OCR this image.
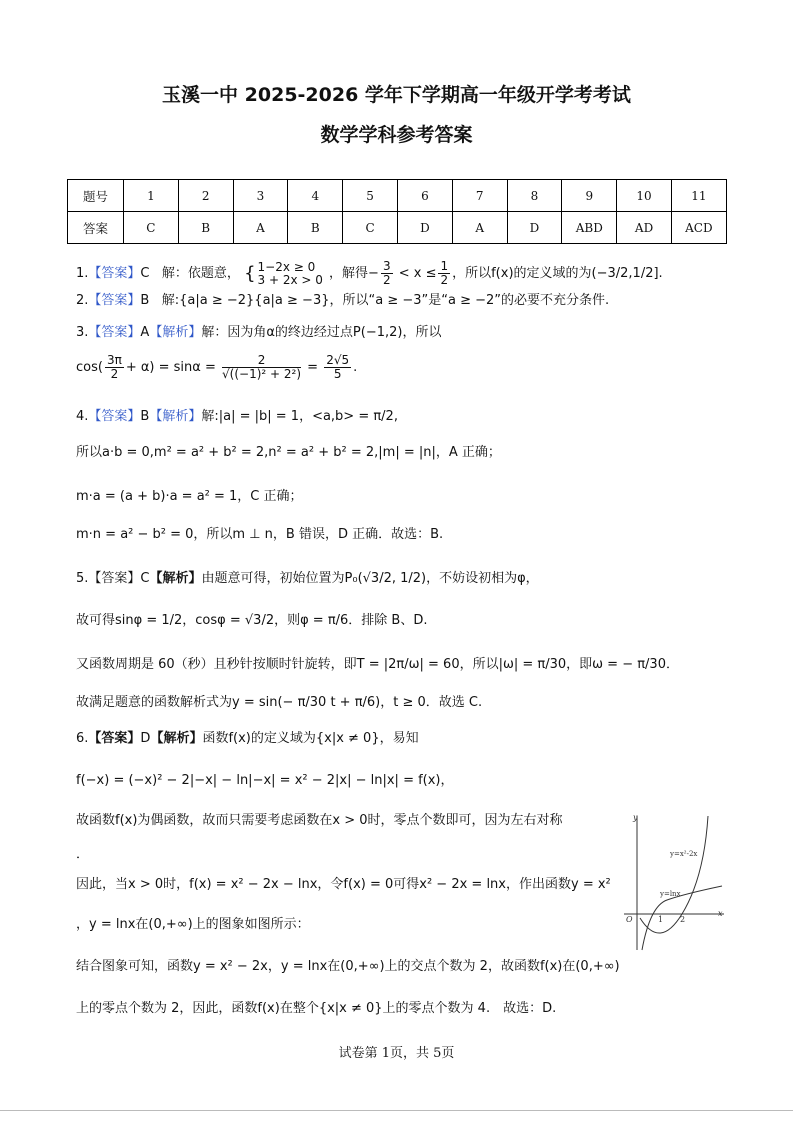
玉溪一中 2025-2026 学年下学期高一年级开学考考试
数学学科参考答案
题号	1	2	3	4	5	6	7	8	9	10	11
答案	C	B	A	B	C	D	A	D	ABD	AD	ACD
1.【答案】C 解：依题意， { 1−2x ≥ 0
3 + 2x > 0 ，解得− $\frac{3}{2} < x \le \frac{1}{2}$ ，所以f(x)的定义域的为(−3/2,1/2].
2.【答案】B 解:{a|a ≥ −2}{a|a ≥ −3}，所以“a ≥ −3”是“a ≥ −2”的必要不充分条件.
3.【答案】A【解析】解：因为角α的终边经过点P(−1,2)，所以
$\cos( \frac{3\pi}{2} + \alpha) = \sin\alpha = \frac{2}{\text{√((−1)² + 2²)}} = \frac{2√5}{5}$ .
4.【答案】B【解析】解:|a| = |b| = 1，<a,b> = π/2,
所以a·b = 0,m² = a² + b² = 2,n² = a² + b² = 2,|m| = |n|，A 正确；
m·a = (a + b)·a = a² = 1，C 正确；
m·n = a² − b² = 0，所以m ⊥ n，B 错误，D 正确．故选：B.
5.【答案】C【解析】由题意可得，初始位置为P₀(√3/2, 1/2)，不妨设初相为φ，
故可得sinφ = 1/2，cosφ = √3/2，则φ = π/6．排除 B、D.
又函数周期是 60（秒）且秒针按顺时针旋转，即T = |2π/ω| = 60，所以|ω| = π/30，即ω = − π/30．
故满足题意的函数解析式为y = sin(− π/30 t + π/6)，t ≥ 0．故选 C.
6.【答案】D【解析】函数f(x)的定义域为{x|x ≠ 0}，易知
f(−x) = (−x)² − 2|−x| − ln|−x| = x² − 2|x| − ln|x| = f(x)，
故函数f(x)为偶函数，故而只需要考虑函数在x > 0时，零点个数即可，因为左右对称
．
因此，当x > 0时，f(x) = x² − 2x − lnx，令f(x) = 0可得x² − 2x = lnx，作出函数y = x²
，y = lnx在(0,+∞)上的图象如图所示：
结合图象可知，函数y = x² − 2x，y = lnx在(0,+∞)上的交点个数为 2，故函数f(x)在(0,+∞)
上的零点个数为 2，因此，函数f(x)在整个{x|x ≠ 0}上的零点个数为 4.　故选：D.
y
x
O	1 2
y=x²-2x
y=lnx
试卷第 1页，共 5页
